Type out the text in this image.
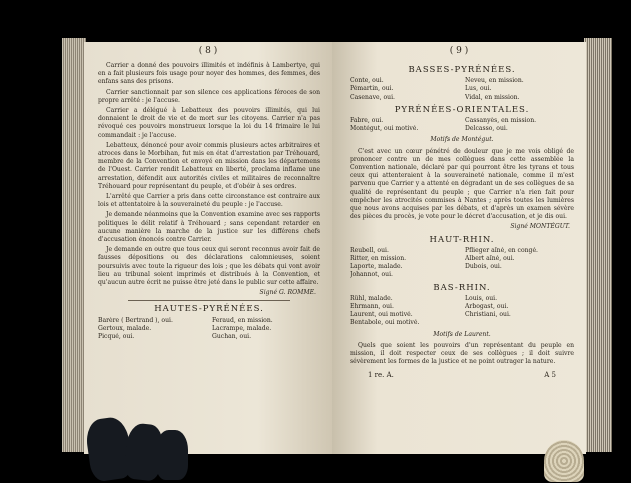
( 8 )

Carrier a donné des pouvoirs illimités et indéfinis à Lambertye, qui en a fait plusieurs fois usage pour noyer des hommes, des femmes, des enfans sans des prisons.

Carrier sanctionnait par son silence ces applications féroces de son propre arrêté : je l'accuse.

Carrier a délégué à Lebatteux des pouvoirs illimités, qui lui donnaient le droit de vie et de mort sur les citoyens. Carrier n'a pas révoqué ces pouvoirs monstrueux lorsque la loi du 14 frimaire le lui commandait : je l'accuse.

Lebatteux, dénoncé pour avoir commis plusieurs actes arbitraires et atroces dans le Morbihan, fut mis en état d'arrestation par Tréhouard, membre de la Convention et envoyé en mission dans les départemens de l'Ouest. Carrier rendit Lebatteux en liberté, proclama inflame une arrestation, défendit aux autorités civiles et militaires de reconnaître Tréhouard pour représentant du peuple, et d'obéir à ses ordres.

L'arrêté que Carrier a pris dans cette circonstance est contraire aux lois et attentatoire à la souveraineté du peuple : je l'accuse.

Je demande néanmoins que la Convention examine avec ses rapports politiques le délit relatif à Tréhouard ; sans cependant retarder en aucune manière la marche de la justice sur les différens chefs d'accusation énoncés contre Carrier.

Je demande en outre que tous ceux qui seront reconnus avoir fait de fausses dépositions ou des déclarations calomnieuses, soient poursuivis avec toute la rigueur des lois ; que les débats qui vont avoir lieu au tribunal soient imprimés et distribués à la Convention, et qu'aucun autre écrit ne puisse être jeté dans le public sur cette affaire.

Signé G. ROMME.
HAUTES-PYRÉNÉES.
Barère ( Bertrand ), oui.	Feraud, en mission.
Gertoux, malade.	Lacrampe, malade.
Picqué, oui.	Guchan, oui.
( 9 )
BASSES-PYRÉNÉES.
Conte, oui.	Neveu, en mission.
Pémartin, oui.	Lus, oui.
Casenave, oui.	Vidal, en mission.
PYRÉNÉES-ORIENTALES.
Fabre, oui.	Cassanyès, en mission.
Montégut, oui motivé.	Delcasso, oui.
Motifs de Montégut.

C'est avec un cœur pénétré de douleur que je me vois obligé de prononcer contre un de mes collègues dans cette assemblée la Convention nationale, déclaré par qui pourront être les tyrans et tous ceux qui attenteraient à la souveraineté nationale, comme il m'est parvenu que Carrier y a attenté en dégradant un de ses collègues de sa qualité de représentant du peuple ; que Carrier n'a rien fait pour empêcher les atrocités commises à Nantes ; après toutes les lumières que nous avons acquises par les débats, et d'après un examen sévère des pièces du procès, je vote pour le décret d'accusation, et je dis oui.

Signé MONTÉGUT.
HAUT-RHIN.
Reubell, oui.	Pflieger aîné, en congé.
Ritter, en mission.	Albert aîné, oui.
Laporte, malade.	Dubois, oui.
Johannot, oui.
BAS-RHIN.
Rühl, malade.	Louis, oui.
Ehrmann, oui.	Arbogast, oui.
Laurent, oui motivé.	Christiani, oui.
Bentabole, oui motivé.
Motifs de Laurent.

Quels que soient les pouvoirs d'un représentant du peuple en mission, il doit respecter ceux de ses collègues ; il doit suivre sévèrement les formes de la justice et ne point outrager la nature.

1 re. A.	A 5
